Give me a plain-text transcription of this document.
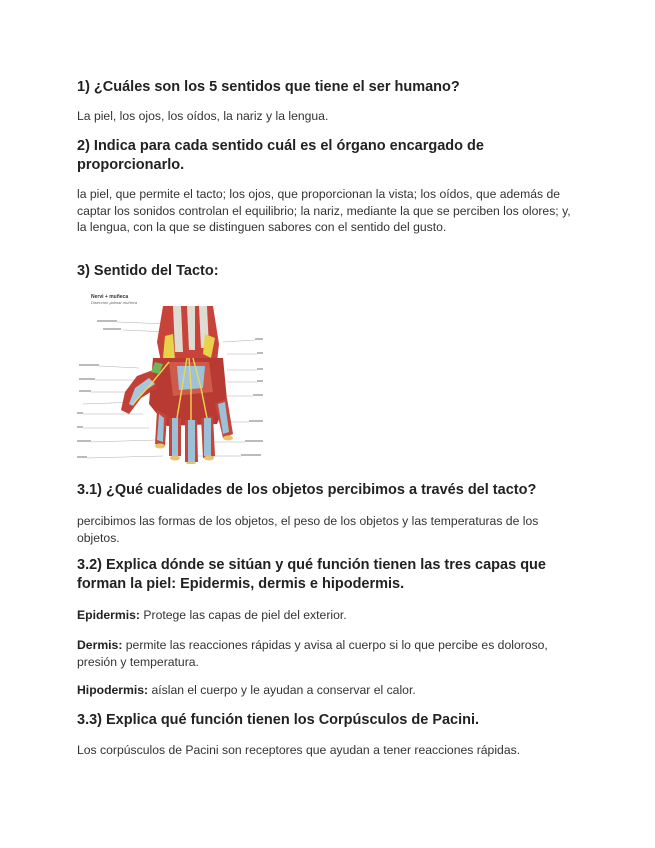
1) ¿Cuáles son los 5 sentidos que tiene el ser humano?

La piel, los ojos, los oídos, la nariz y la lengua.

2) Indica para cada sentido cuál es el órgano encargado de proporcionarlo.

la piel, que permite el tacto; los ojos, que proporcionan la vista; los oídos, que además de captar los sonidos controlan el equilibrio; la nariz, mediante la que se perciben los olores; y, la lengua, con la que se distinguen sabores con el sentido del gusto.

3) Sentido del Tacto:
Nervi + muñeca
Disección palmar muñeca
3.1) ¿Qué cualidades de los objetos percibimos a través del tacto?

percibimos las formas de los objetos, el peso de los objetos y las temperaturas de los objetos.

3.2) Explica dónde se sitúan y qué función tienen las tres capas que forman la piel: Epidermis, dermis e hipodermis.

Epidermis: Protege las capas de piel del exterior.

Dermis: permite las reacciones rápidas y avisa al cuerpo si lo que percibe es doloroso, presión y temperatura.

Hipodermis: aíslan el cuerpo y le ayudan a conservar el calor.

3.3) Explica qué función tienen los Corpúsculos de Pacini.

Los corpúsculos de Pacini son receptores que ayudan a tener reacciones rápidas.
